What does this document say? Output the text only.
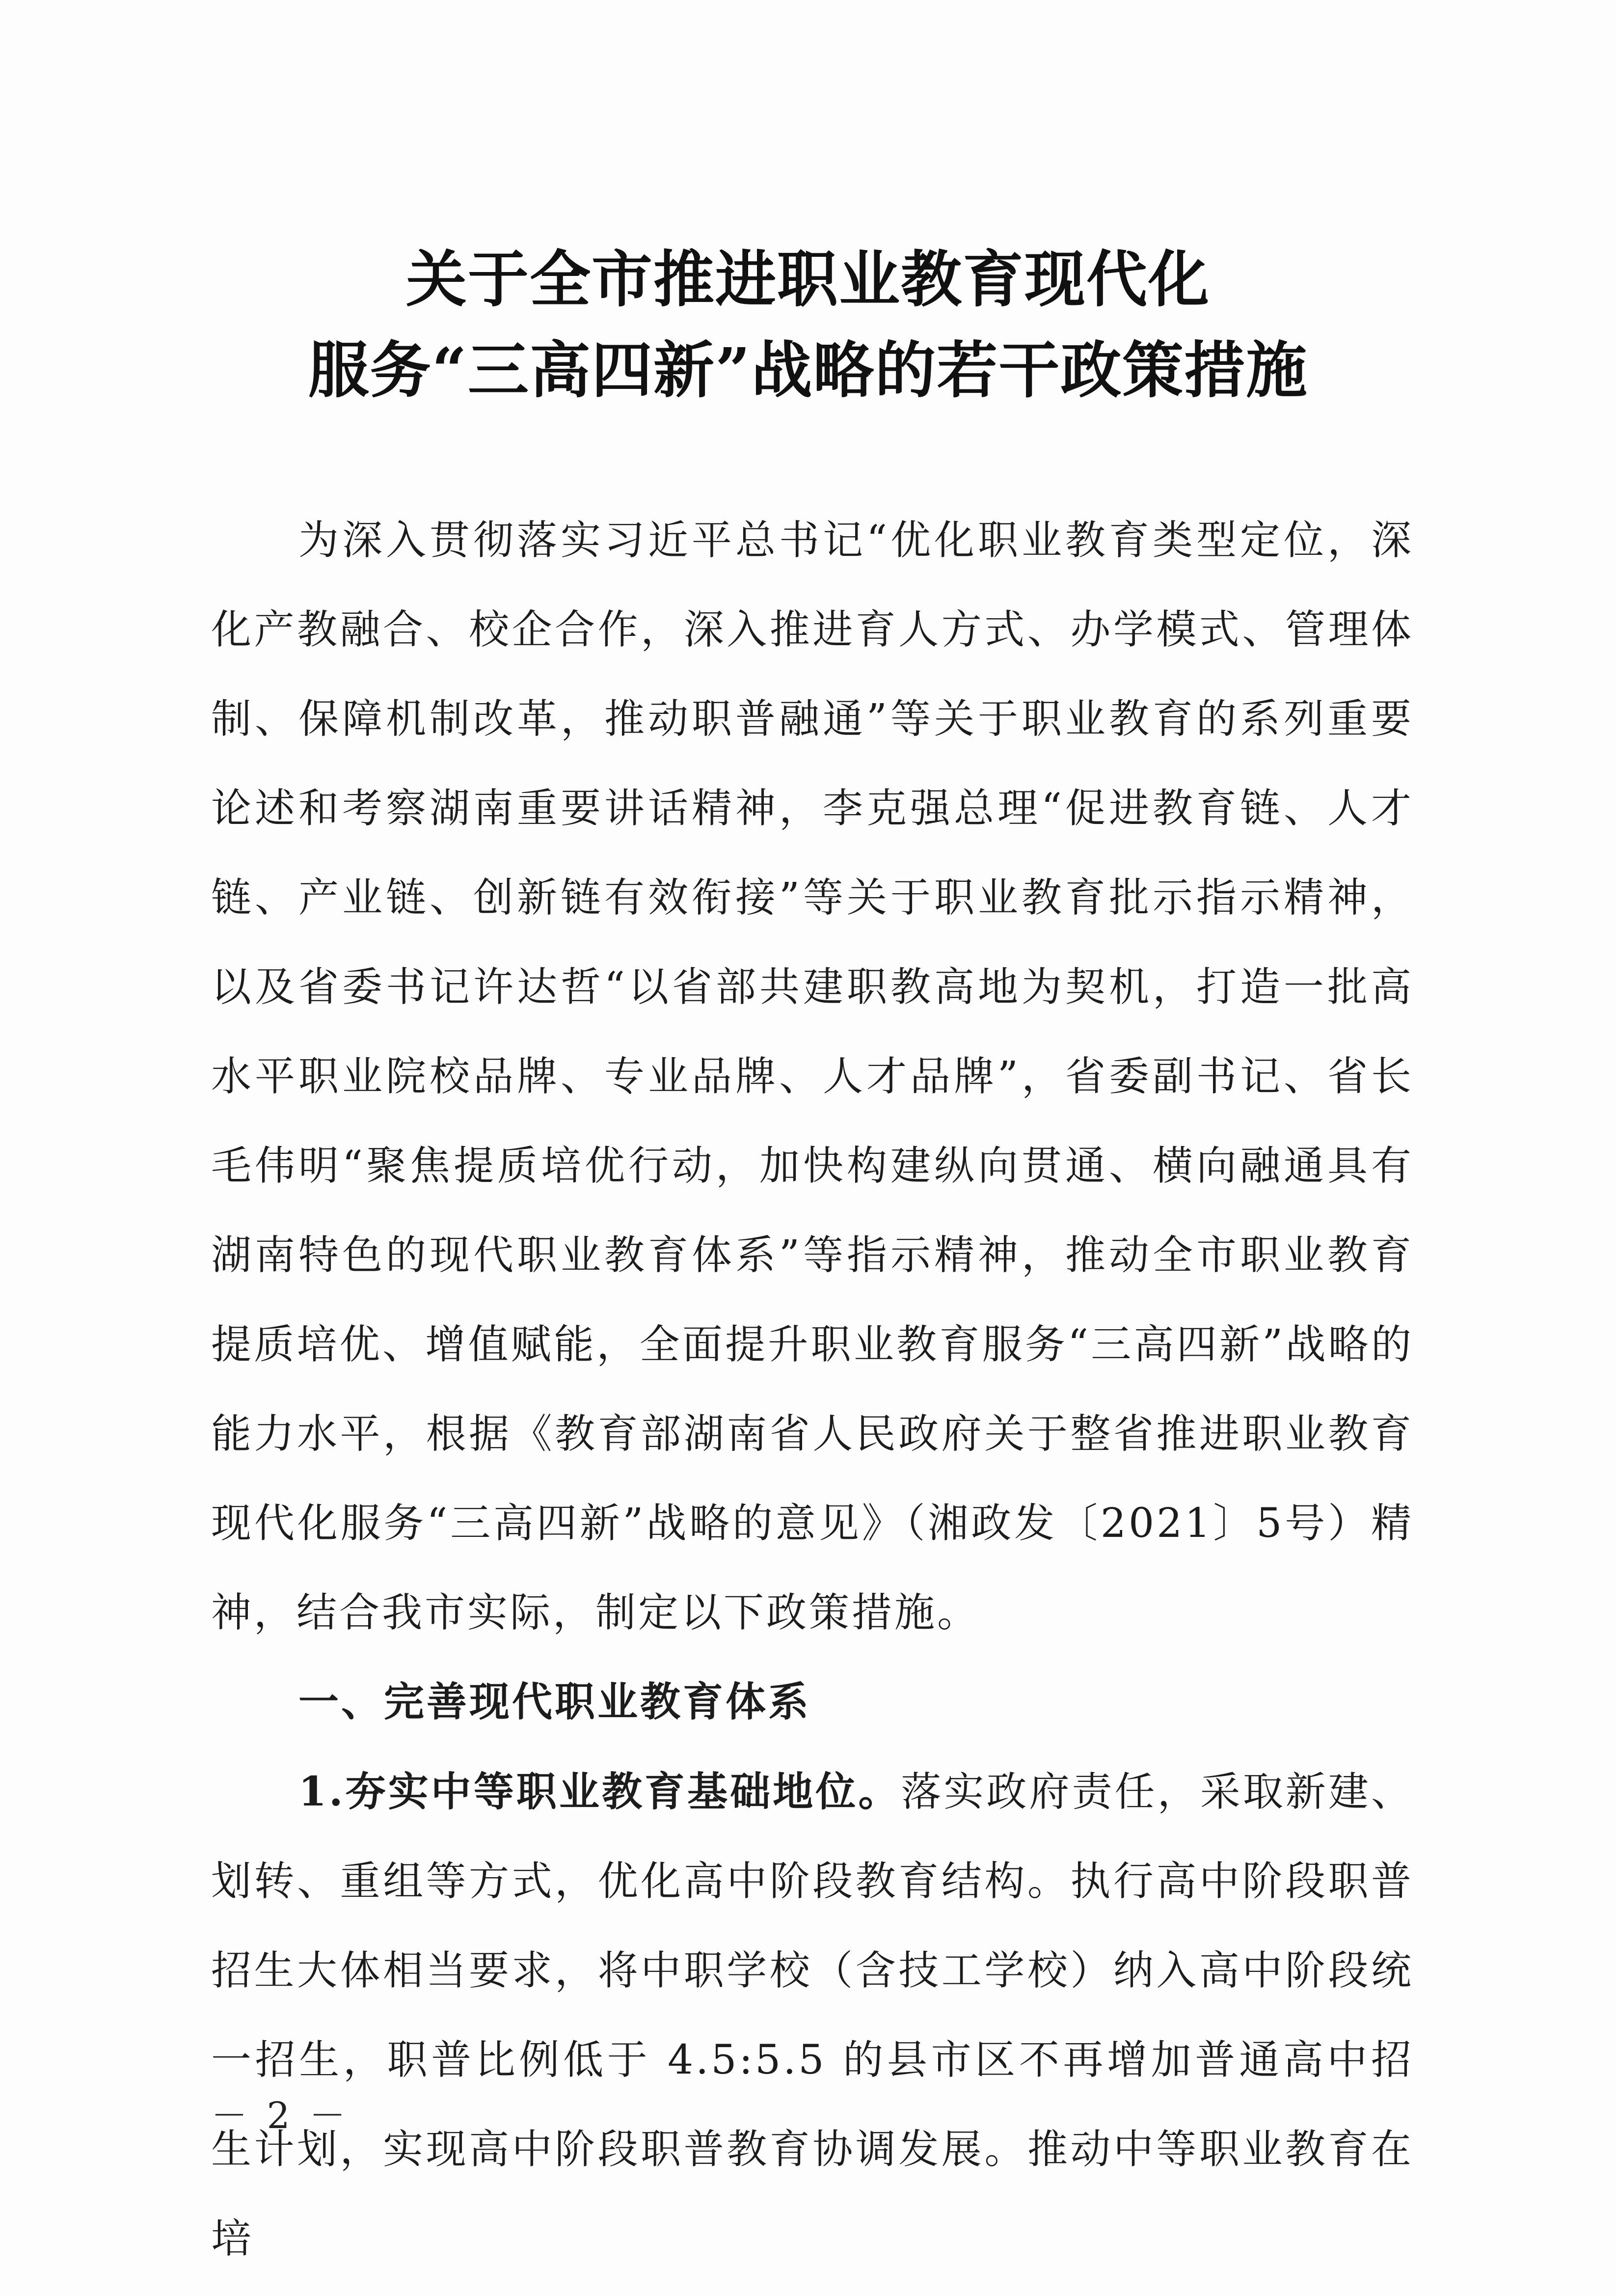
关于全市推进职业教育现代化
服务“三高四新”战略的若干政策措施

为深入贯彻落实习近平总书记“优化职业教育类型定位，深化产教融合、校企合作，深入推进育人方式、办学模式、管理体制、保障机制改革，推动职普融通”等关于职业教育的系列重要论述和考察湖南重要讲话精神，李克强总理“促进教育链、人才链、产业链、创新链有效衔接”等关于职业教育批示指示精神，以及省委书记许达哲“以省部共建职教高地为契机，打造一批高水平职业院校品牌、专业品牌、人才品牌”，省委副书记、省长毛伟明“聚焦提质培优行动，加快构建纵向贯通、横向融通具有湖南特色的现代职业教育体系”等指示精神，推动全市职业教育提质培优、增值赋能，全面提升职业教育服务“三高四新”战略的能力水平，根据《教育部湖南省人民政府关于整省推进职业教育现代化服务“三高四新”战略的意见》（湘政发〔2021〕5号）精神，结合我市实际，制定以下政策措施。

一、完善现代职业教育体系

1.夯实中等职业教育基础地位。落实政府责任，采取新建、划转、重组等方式，优化高中阶段教育结构。执行高中阶段职普招生大体相当要求，将中职学校（含技工学校）纳入高中阶段统一招生，职普比例低于 4.5:5.5 的县市区不再增加普通高中招生计划，实现高中阶段职普教育协调发展。推动中等职业教育在培

－ 2 －
